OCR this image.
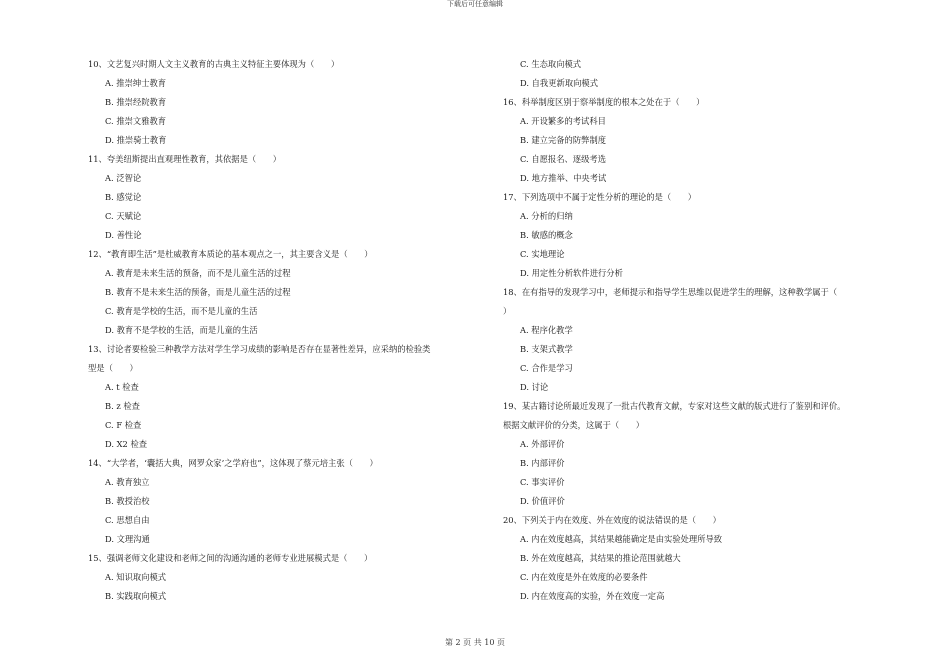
下载后可任意编辑
10、文艺复兴时期人文主义教育的古典主义特征主要体现为（　　）
A. 推崇绅士教育
B. 推崇经院教育
C. 推崇文雅教育
D. 推崇骑士教育
11、夸美纽斯提出直观理性教育，其依据是（　　）
A. 泛智论
B. 感觉论
C. 天赋论
D. 善性论
12、“教育即生活”是杜威教育本质论的基本观点之一，其主要含义是（　　）
A. 教育是未来生活的预备，而不是儿童生活的过程
B. 教育不是未来生活的预备，而是儿童生活的过程
C. 教育是学校的生活，而不是儿童的生活
D. 教育不是学校的生活，而是儿童的生活
13、讨论者要检验三种教学方法对学生学习成绩的影响是否存在显著性差异，应采纳的检验类
型是（　　）
A. t 检查
B. z 检查
C. F 检查
D. X2 检查
14、“大学者，‘囊括大典，网罗众家’之学府也”，这体现了蔡元培主张（　　）
A. 教育独立
B. 教授治校
C. 思想自由
D. 文理沟通
15、强调老师文化建设和老师之间的沟通沟通的老师专业进展模式是（　　）
A. 知识取向模式
B. 实践取向模式
C. 生态取向模式
D. 自我更新取向模式
16、科举制度区别于察举制度的根本之处在于（　　）
A. 开设繁多的考试科目
B. 建立完备的防弊制度
C. 自愿报名、逐级考选
D. 地方推举、中央考试
17、下列选项中不属于定性分析的理论的是（　　）
A. 分析的归纳
B. 敏感的概念
C. 实地理论
D. 用定性分析软件进行分析
18、在有指导的发现学习中，老师提示和指导学生思维以促进学生的理解，这种教学属于（
）
A. 程序化教学
B. 支架式教学
C. 合作是学习
D. 讨论
19、某古籍讨论所最近发现了一批古代教育文献，专家对这些文献的版式进行了鉴别和评价。
根据文献评价的分类，这属于（　　）
A. 外部评价
B. 内部评价
C. 事实评价
D. 价值评价
20、下列关于内在效度、外在效度的说法错误的是（　　）
A. 内在效度越高，其结果越能确定是由实验处理所导致
B. 外在效度越高，其结果的推论范围就越大
C. 内在效度是外在效度的必要条件
D. 内在效度高的实验，外在效度一定高
第 2 页 共 10 页
